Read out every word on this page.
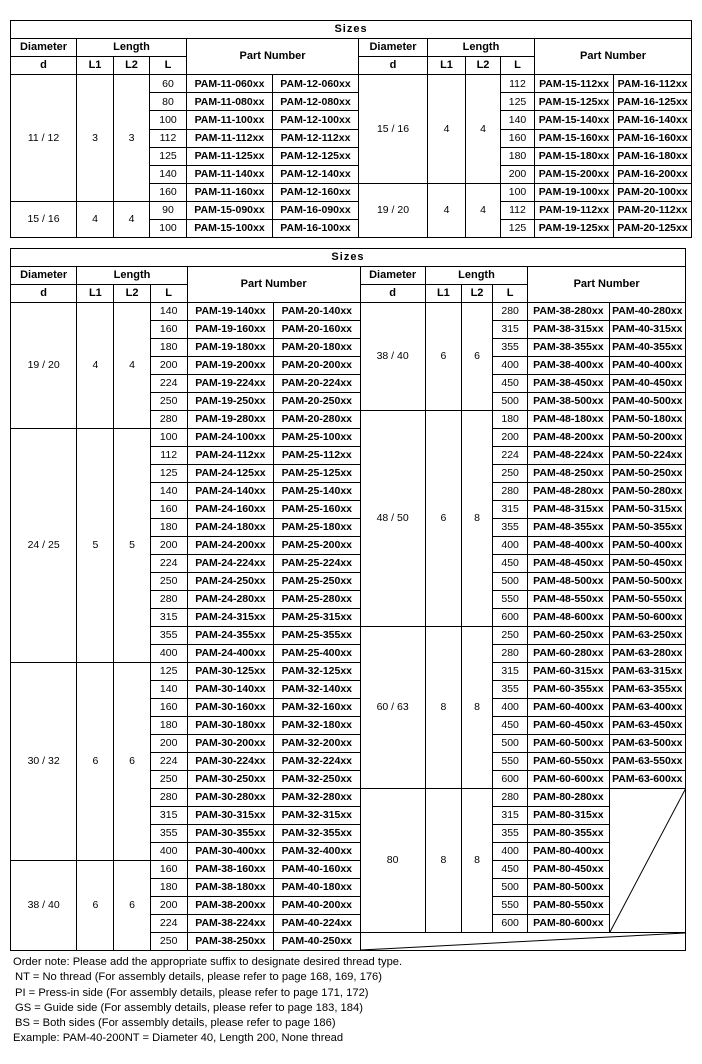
Sizes											
Diameter	Length			Part Number		Diameter	Length			Part Number	
d	L1	L2	L			d	L1	L2	L		
11 / 12	3	3	60	PAM-11-060xx	PAM-12-060xx	15 / 16	4	4	112	PAM-15-112xx	PAM-16-112xx
			80	PAM-11-080xx	PAM-12-080xx				125	PAM-15-125xx	PAM-16-125xx
			100	PAM-11-100xx	PAM-12-100xx				140	PAM-15-140xx	PAM-16-140xx
			112	PAM-11-112xx	PAM-12-112xx				160	PAM-15-160xx	PAM-16-160xx
			125	PAM-11-125xx	PAM-12-125xx				180	PAM-15-180xx	PAM-16-180xx
			140	PAM-11-140xx	PAM-12-140xx				200	PAM-15-200xx	PAM-16-200xx
			160	PAM-11-160xx	PAM-12-160xx	19 / 20	4	4	100	PAM-19-100xx	PAM-20-100xx
15 / 16	4	4	90	PAM-15-090xx	PAM-16-090xx				112	PAM-19-112xx	PAM-20-112xx
			100	PAM-15-100xx	PAM-16-100xx				125	PAM-19-125xx	PAM-20-125xx
Sizes											
Diameter	Length			Part Number		Diameter	Length			Part Number	
d	L1	L2	L			d	L1	L2	L		
19 / 20	4	4	140	PAM-19-140xx	PAM-20-140xx	38 / 40	6	6	280	PAM-38-280xx	PAM-40-280xx
			160	PAM-19-160xx	PAM-20-160xx				315	PAM-38-315xx	PAM-40-315xx
			180	PAM-19-180xx	PAM-20-180xx				355	PAM-38-355xx	PAM-40-355xx
			200	PAM-19-200xx	PAM-20-200xx				400	PAM-38-400xx	PAM-40-400xx
			224	PAM-19-224xx	PAM-20-224xx				450	PAM-38-450xx	PAM-40-450xx
			250	PAM-19-250xx	PAM-20-250xx				500	PAM-38-500xx	PAM-40-500xx
			280	PAM-19-280xx	PAM-20-280xx	48 / 50	6	8	180	PAM-48-180xx	PAM-50-180xx
24 / 25	5	5	100	PAM-24-100xx	PAM-25-100xx				200	PAM-48-200xx	PAM-50-200xx
			112	PAM-24-112xx	PAM-25-112xx				224	PAM-48-224xx	PAM-50-224xx
			125	PAM-24-125xx	PAM-25-125xx				250	PAM-48-250xx	PAM-50-250xx
			140	PAM-24-140xx	PAM-25-140xx				280	PAM-48-280xx	PAM-50-280xx
			160	PAM-24-160xx	PAM-25-160xx				315	PAM-48-315xx	PAM-50-315xx
			180	PAM-24-180xx	PAM-25-180xx				355	PAM-48-355xx	PAM-50-355xx
			200	PAM-24-200xx	PAM-25-200xx				400	PAM-48-400xx	PAM-50-400xx
			224	PAM-24-224xx	PAM-25-224xx				450	PAM-48-450xx	PAM-50-450xx
			250	PAM-24-250xx	PAM-25-250xx				500	PAM-48-500xx	PAM-50-500xx
			280	PAM-24-280xx	PAM-25-280xx				550	PAM-48-550xx	PAM-50-550xx
			315	PAM-24-315xx	PAM-25-315xx				600	PAM-48-600xx	PAM-50-600xx
			355	PAM-24-355xx	PAM-25-355xx	60 / 63	8	8	250	PAM-60-250xx	PAM-63-250xx
			400	PAM-24-400xx	PAM-25-400xx				280	PAM-60-280xx	PAM-63-280xx
30 / 32	6	6	125	PAM-30-125xx	PAM-32-125xx				315	PAM-60-315xx	PAM-63-315xx
			140	PAM-30-140xx	PAM-32-140xx				355	PAM-60-355xx	PAM-63-355xx
			160	PAM-30-160xx	PAM-32-160xx				400	PAM-60-400xx	PAM-63-400xx
			180	PAM-30-180xx	PAM-32-180xx				450	PAM-60-450xx	PAM-63-450xx
			200	PAM-30-200xx	PAM-32-200xx				500	PAM-60-500xx	PAM-63-500xx
			224	PAM-30-224xx	PAM-32-224xx				550	PAM-60-550xx	PAM-63-550xx
			250	PAM-30-250xx	PAM-32-250xx				600	PAM-60-600xx	PAM-63-600xx
			280	PAM-30-280xx	PAM-32-280xx	80	8	8	280	PAM-80-280xx	

			315	PAM-30-315xx	PAM-32-315xx				315	PAM-80-315xx	
			355	PAM-30-355xx	PAM-32-355xx				355	PAM-80-355xx	
			400	PAM-30-400xx	PAM-32-400xx				400	PAM-80-400xx	
38 / 40	6	6	160	PAM-38-160xx	PAM-40-160xx				450	PAM-80-450xx	
			180	PAM-38-180xx	PAM-40-180xx				500	PAM-80-500xx	
			200	PAM-38-200xx	PAM-40-200xx				550	PAM-80-550xx	
			224	PAM-38-224xx	PAM-40-224xx				600	PAM-80-600xx	
			250	PAM-38-250xx	PAM-40-250xx	
Order note: Please add the appropriate suffix to designate desired thread type.
NT = No thread (For assembly details, please refer to page 168, 169, 176)
PI = Press-in side (For assembly details, please refer to page 171, 172)
GS = Guide side (For assembly details, please refer to page 183, 184)
BS = Both sides (For assembly details, please refer to page 186)
Example: PAM-40-200NT = Diameter 40, Length 200, None thread
